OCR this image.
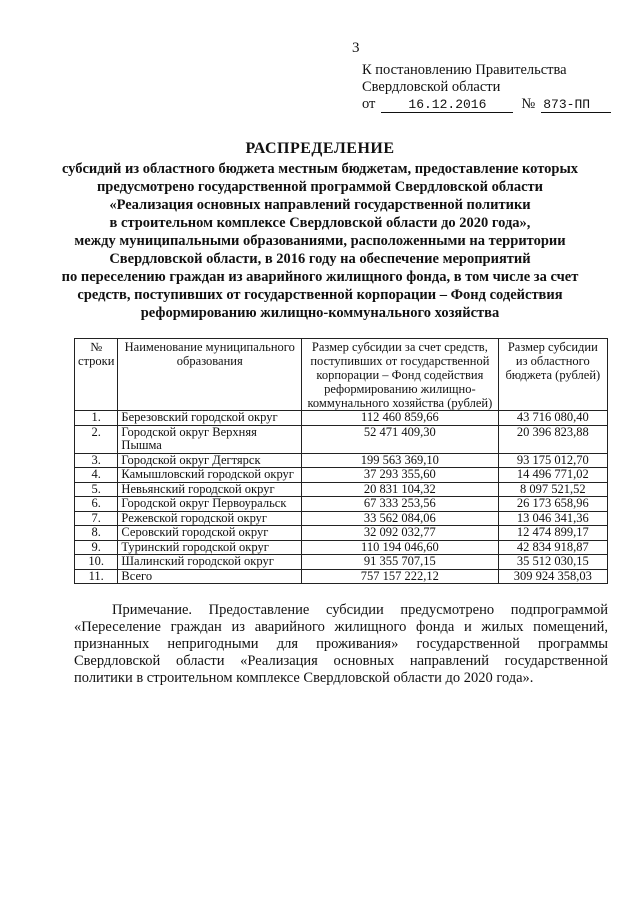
3
К постановлению Правительства
Свердловской области
от	16.12.2016	№ 873-ПП
РАСПРЕДЕЛЕНИЕ
субсидий из областного бюджета местным бюджетам, предоставление которых
предусмотрено государственной программой Свердловской области
«Реализация основных направлений государственной политики
в строительном комплексе Свердловской области до 2020 года»,
между муниципальными образованиями, расположенными на территории
Свердловской области, в 2016 году на обеспечение мероприятий
по переселению граждан из аварийного жилищного фонда, в том числе за счет
средств, поступивших от государственной корпорации – Фонд содействия
реформированию жилищно-коммунального хозяйства
№ строки	Наименование муниципального образования	Размер субсидии за счет средств, поступивших от государственной корпорации – Фонд содействия реформированию жилищно-коммунального хозяйства (рублей)	Размер субсидии из областного бюджета (рублей)
1.	Березовский городской округ	112 460 859,66	43 716 080,40
2.	Городской округ Верхняя Пышма	52 471 409,30	20 396 823,88
3.	Городской округ Дегтярск	199 563 369,10	93 175 012,70
4.	Камышловский городской округ	37 293 355,60	14 496 771,02
5.	Невьянский городской округ	20 831 104,32	8 097 521,52
6.	Городской округ Первоуральск	67 333 253,56	26 173 658,96
7.	Режевской городской округ	33 562 084,06	13 046 341,36
8.	Серовский городской округ	32 092 032,77	12 474 899,17
9.	Туринский городской округ	110 194 046,60	42 834 918,87
10.	Шалинский городской округ	91 355 707,15	35 512 030,15
11.	Всего	757 157 222,12	309 924 358,03
Примечание. Предоставление субсидии предусмотрено подпрограммой «Переселение граждан из аварийного жилищного фонда и жилых помещений, признанных непригодными для проживания» государственной программы Свердловской области «Реализация основных направлений государственной политики в строительном комплексе Свердловской области до 2020 года».
